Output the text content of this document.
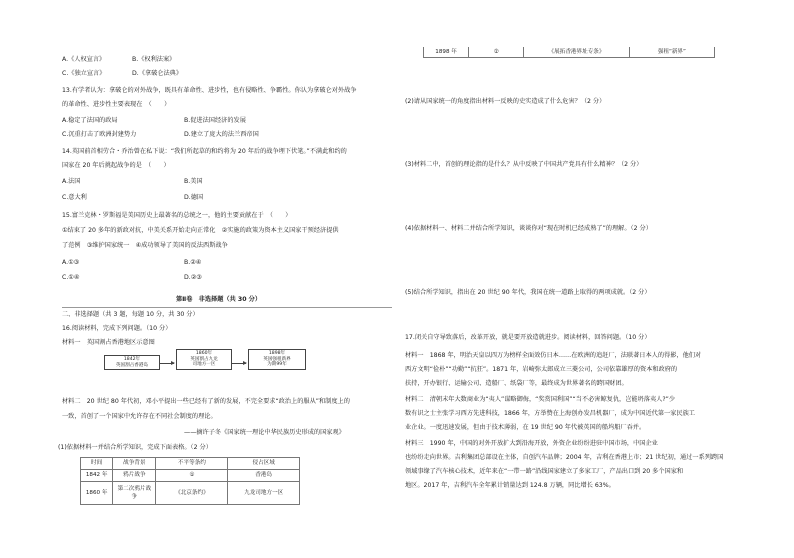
A.《人权宣言》	B.《权利法案》
C.《独立宣言》	D.《拿破仑法典》
13.有学者认为：拿破仑的对外战争，既具有革命性、进步性，也有侵略性、争霸性。你认为拿破仑对外战争
的革命性、进步性主要表现在　（　　）
A.稳定了法国的政局	B.促进法国经济的发展
C.沉重打击了欧洲封建势力	D.建立了庞大的法兰西帝国
14.英国前首相劳合・乔治曾在私下说：“我们所起草的和约将为 20 年后的战争埋下伏笔。”不满此和约的
国家在 20 年后挑起战争的是　（　　）
A.法国	B.美国
C.意大利	D.德国
15.富兰克林・罗斯福是美国历史上最著名的总统之一，他的主要贡献在于　（　　）
①结束了 20 多年的新政对抗，中美关系开始走向正常化　②实施的政策为资本主义国家干预经济提供
了范例　③维护国家统一　④成功领导了美国的反法西斯战争
A.①③	B.②④
C.①④	D.②③
第Ⅱ卷　非选择题（共 30 分）
二、非选择题（共 3 题，每题 10 分，共 30 分）
16.阅读材料，完成下列问题。（10 分）
材料一　英国割占香港地区示意图
材料二　20 世纪 80 年代初，邓小平提出一些已经有了新的发展，不完全要求“政治上的服从”和制度上的
一致，首创了一个国家中允许存在不同社会制度的理论。
——摘许子冬《国家统一理论中华民族历史形成的国家观》
(1)依据材料一并结合所学知识，完成下面表格。（2 分）
时间	战争背景	不平等条约	侵占区域
1842 年	鸦片战争	①	香港岛
1860 年	第二次鸦片战争	《北京条约》	九龙司地方一区
1842年
英国割占香港岛
1860年
英国割占九龙
司地方一区
1898年
英国强租新界
为期99年
1898 年	②	《展拓香港界址专条》	强租“新界”
(2)请从国家统一的角度指出材料一反映的史实造成了什么危害？（2 分）
(3)材料二中，首创的理论指的是什么？从中反映了中国共产党具有什么精神？（2 分）
(4)依据材料一、材料二并结合所学知识，谈谈你对“现在时机已经成熟了”的理解。（2 分）
(5)结合所学知识，指出在 20 世纪 90 年代，我国在统一道路上取得的两项成就。（2 分）
17.闭关自守导致落后，改革开放，就是要开放造就进步。阅读材料，回答问题。（10 分）
材料一　1868 年，明治天皇以四万为榜样全面效仿日本……在欧洲的追赶厂，法联著日本人的得影，他们对
西方文明“俭朴”“功勤”“抗狂”。1871 年，岩崎弥太郎成立三菱公司，公司依靠雄厚的资本和政府的
扶持，开办银行、运输公司、造船厂、纸袋厂等，最终成为世界著名的跨国财团。
材料二　清朝末年大数商业为“夷人”谋略御侮，“奖赏国利国”“当不必害鲸复仇，岂能坍落夷人?”少
数有识之士主张学习西方先进科技，1866 年，方举赞在上海创办发昌机器厂，成为中国近代第一家民族工
业企业。一度迅速发展，但由于技术薄弱，在 19 世纪 90 年代被英国的船坞船厂吞并。
材料三　1990 年，中国的对外开放扩大到沿海开放，外资企业纷纷进驻中国市场，中国企业
也纷纷走向世界。吉利集团总部设在主体，自创汽车品牌；2004 年，吉利在香港上市；21 世纪初，通过一系列跨国
领域事缘了汽车核心技术，近年来在“一带一路”沿线国家建立了多家工厂，产品出口到 20 多个国家和
地区。2017 年，吉利汽车全年累计销量达到 124.8 万辆，同比增长 63%。
